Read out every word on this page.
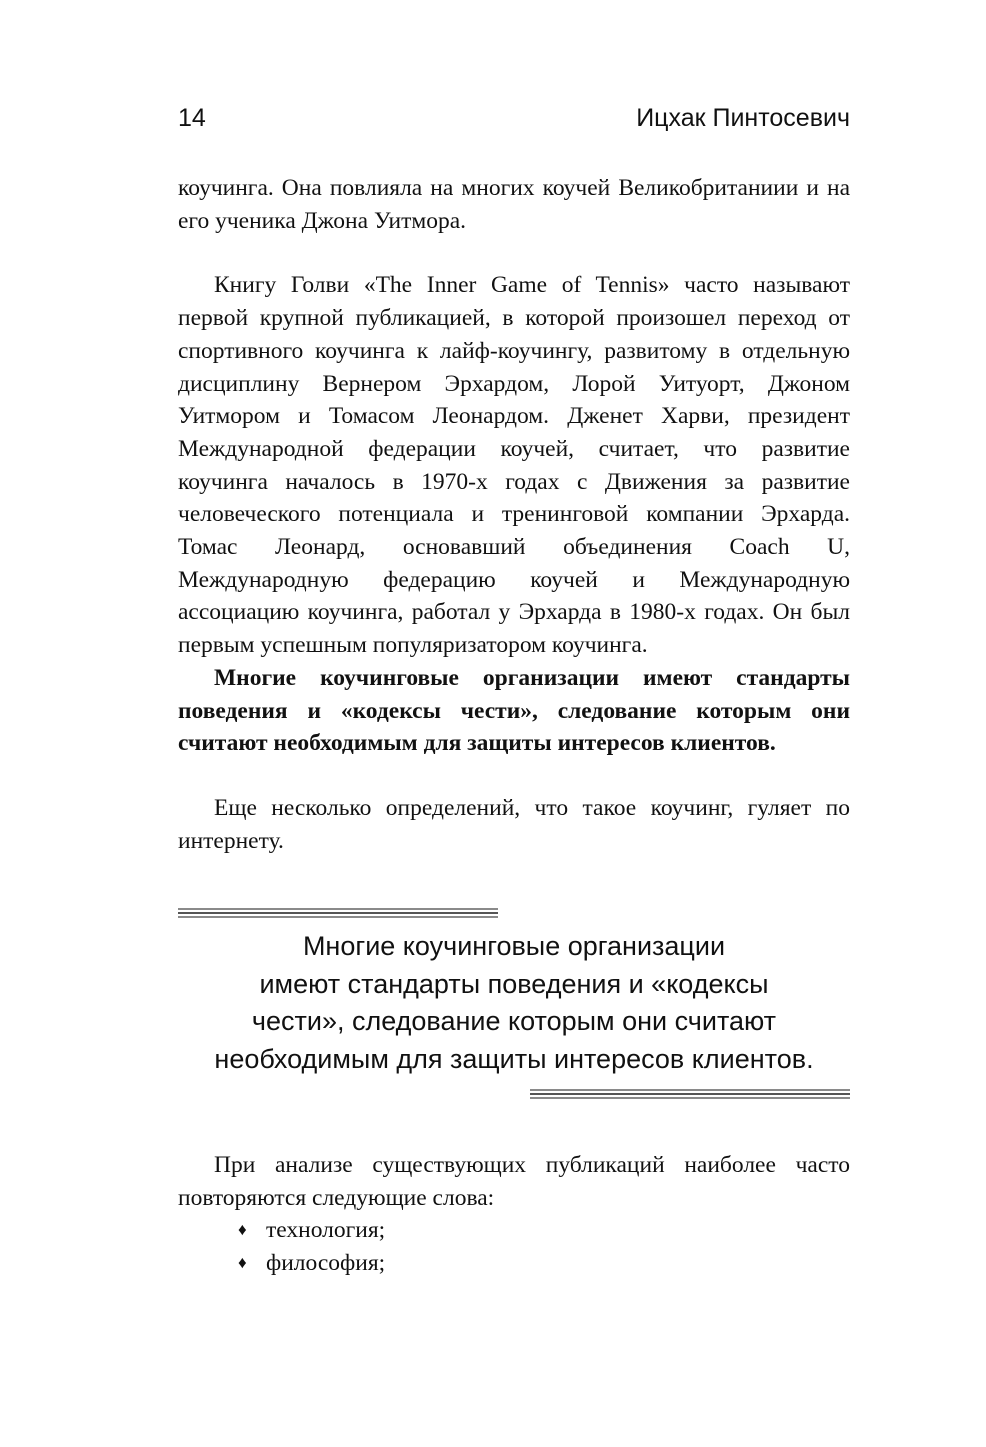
14	Ицхак Пинтосевич

коучинга. Она повлияла на многих коучей Великобританиии и на его ученика Джона Уитмора.

Книгу Голви «The Inner Game of Tennis» часто называют первой крупной публикацией, в которой произошел переход от спортивного коучинга к лайф-коучингу, развитому в отдельную дисциплину Вернером Эрхардом, Лорой Уитуорт, Джоном Уитмором и Томасом Леонардом. Дженет Харви, президент Международной федерации коучей, считает, что развитие коучинга началось в 1970-х годах с Движения за развитие человеческого потенциала и тренинговой компании Эрхарда. Томас Леонард, основавший объединения Coach U, Международную федерацию коучей и Международную ассоциацию коучинга, работал у Эрхарда в 1980-х годах. Он был первым успешным популяризатором коучинга.

Многие коучинговые организации имеют стандарты поведения и «кодексы чести», следование которым они считают необходимым для защиты интересов клиентов.

Еще несколько определений, что такое коучинг, гуляет по интернету.

Многие коучинговые организации

имеют стандарты поведения и «кодексы

чести», следование которым они считают

необходимым для защиты интересов клиентов.

При анализе существующих публикаций наиболее часто повторяются следующие слова:

♦ технология;
♦ философия;
